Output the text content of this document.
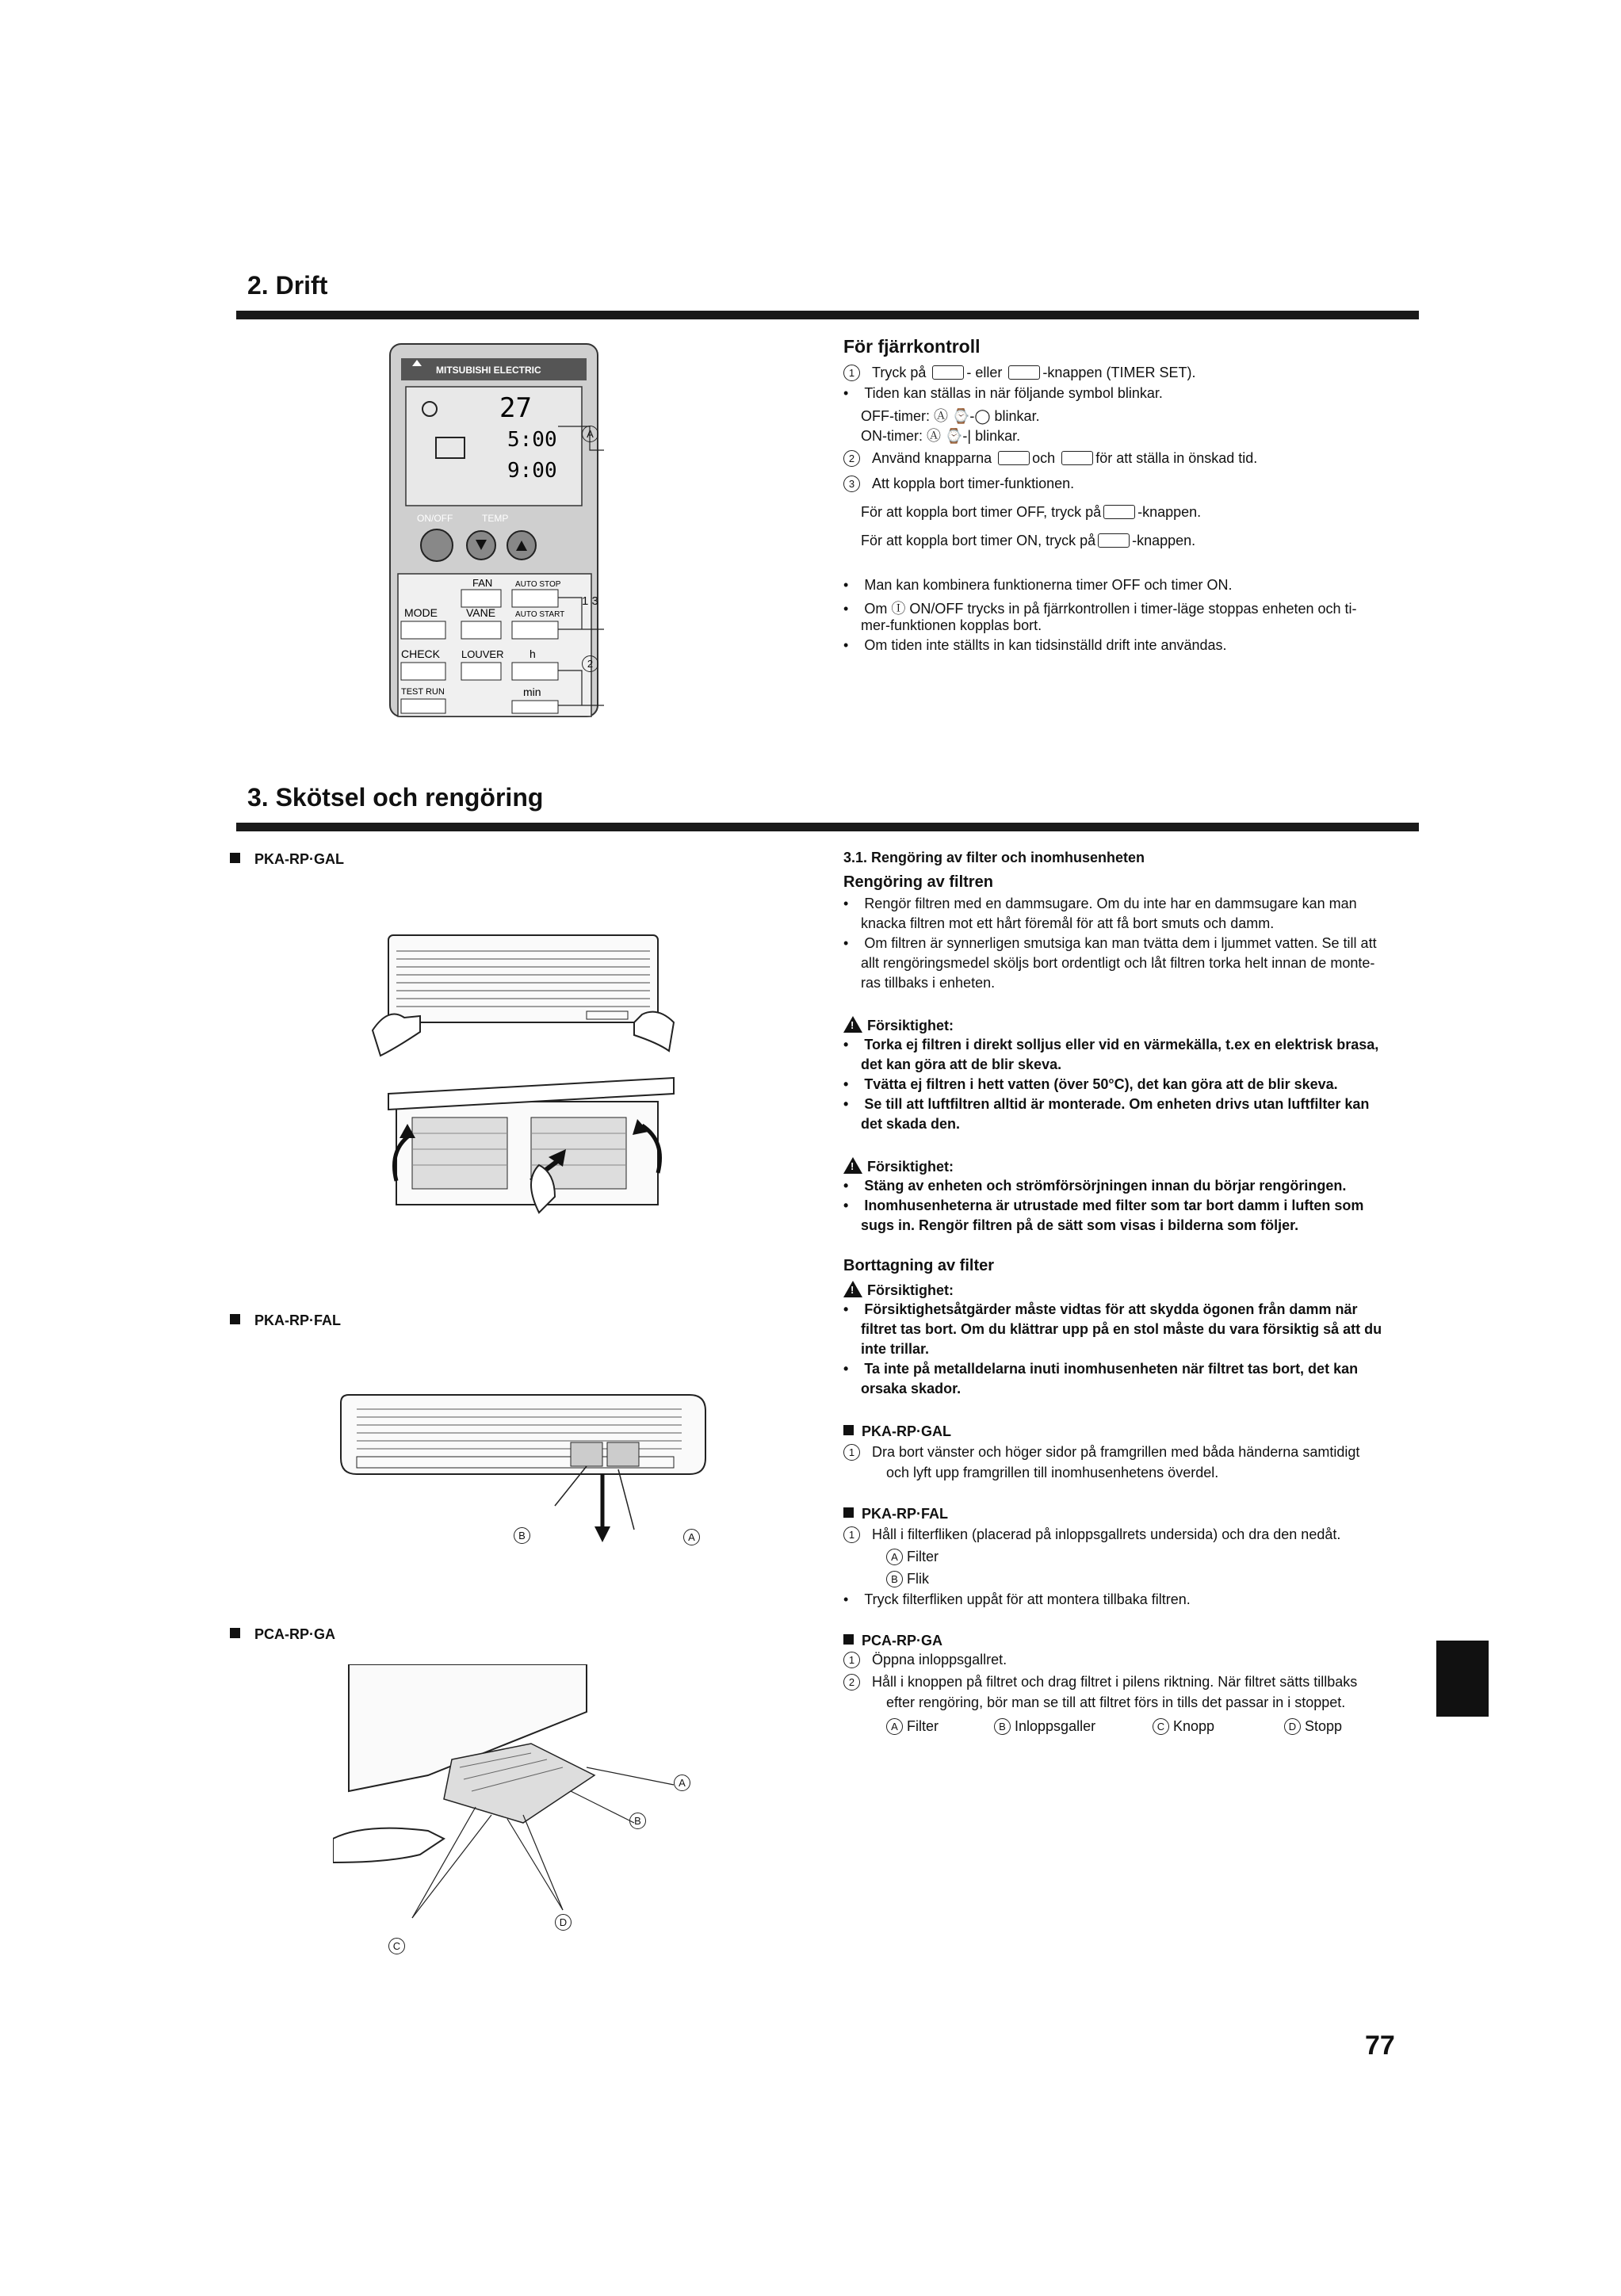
2. Drift
MITSUBISHI ELECTRIC
27
5:00
9:00
ON/OFF	TEMP
FAN	AUTO STOP
MODE	VANE AUTO START
CHECK LOUVER h
TEST RUN	min
A
1 3
2
För fjärrkontroll
1 Tryck på	- eller	-knappen (TIMER SET).
• Tiden kan ställas in när följande symbol blinkar.
OFF-timer: Ⓐ ⌚-◯ blinkar.
ON-timer: Ⓐ ⌚-| blinkar.
2 Använd knapparna	och	för att ställa in önskad tid.
3 Att koppla bort timer-funktionen.
För att koppla bort timer OFF, tryck på	-knappen.
För att koppla bort timer ON, tryck på	-knappen.
• Man kan kombinera funktionerna timer OFF och timer ON.
• Om Ⓘ ON/OFF trycks in på fjärrkontrollen i timer-läge stoppas enheten och ti-
mer-funktionen kopplas bort.
• Om tiden inte ställts in kan tidsinställd drift inte användas.
3. Skötsel och rengöring
PKA-RP·GAL
PKA-RP·FAL
B	A
PCA-RP·GA
A
B
D
C
3.1. Rengöring av filter och inomhusenheten
Rengöring av filtren
•    Rengör filtren med en dammsugare. Om du inte har en dammsugare kan man
knacka filtren mot ett hårt föremål för att få bort smuts och damm.
•    Om filtren är synnerligen smutsiga kan man tvätta dem i ljummet vatten. Se till att
allt rengöringsmedel sköljs bort ordentligt och låt filtren torka helt innan de monte-
ras tillbaks i enheten.
!Försiktighet:
•    Torka ej filtren i direkt solljus eller vid en värmekälla, t.ex en elektrisk brasa,
det kan göra att de blir skeva.
•    Tvätta ej filtren i hett vatten (över 50°C), det kan göra att de blir skeva.
•    Se till att luftfiltren alltid är monterade. Om enheten drivs utan luftfilter kan
det skada den.
!Försiktighet:
•    Stäng av enheten och strömförsörjningen innan du börjar rengöringen.
•    Inomhusenheterna är utrustade med filter som tar bort damm i luften som
sugs in. Rengör filtren på de sätt som visas i bilderna som följer.
Borttagning av filter
!Försiktighet:
•    Försiktighetsåtgärder måste vidtas för att skydda ögonen från damm när
filtret tas bort. Om du klättrar upp på en stol måste du vara försiktig så att du
inte trillar.
•    Ta inte på metalldelarna inuti inomhusenheten när filtret tas bort, det kan
orsaka skador.
PKA-RP·GAL
1 Dra bort vänster och höger sidor på framgrillen med båda händerna samtidigt
och lyft upp framgrillen till inomhusenhetens överdel.
PKA-RP·FAL
1 Håll i filterfliken (placerad på inloppsgallrets undersida) och dra den nedåt.
A Filter
B Flik
•    Tryck filterfliken uppåt för att montera tillbaka filtren.
PCA-RP·GA
1 Öppna inloppsgallret.
2 Håll i knoppen på filtret och drag filtret i pilens riktning. När filtret sätts tillbaks
efter rengöring, bör man se till att filtret förs in tills det passar in i stoppet.
A Filter	B Inloppsgaller	C Knopp	D Stopp
77
